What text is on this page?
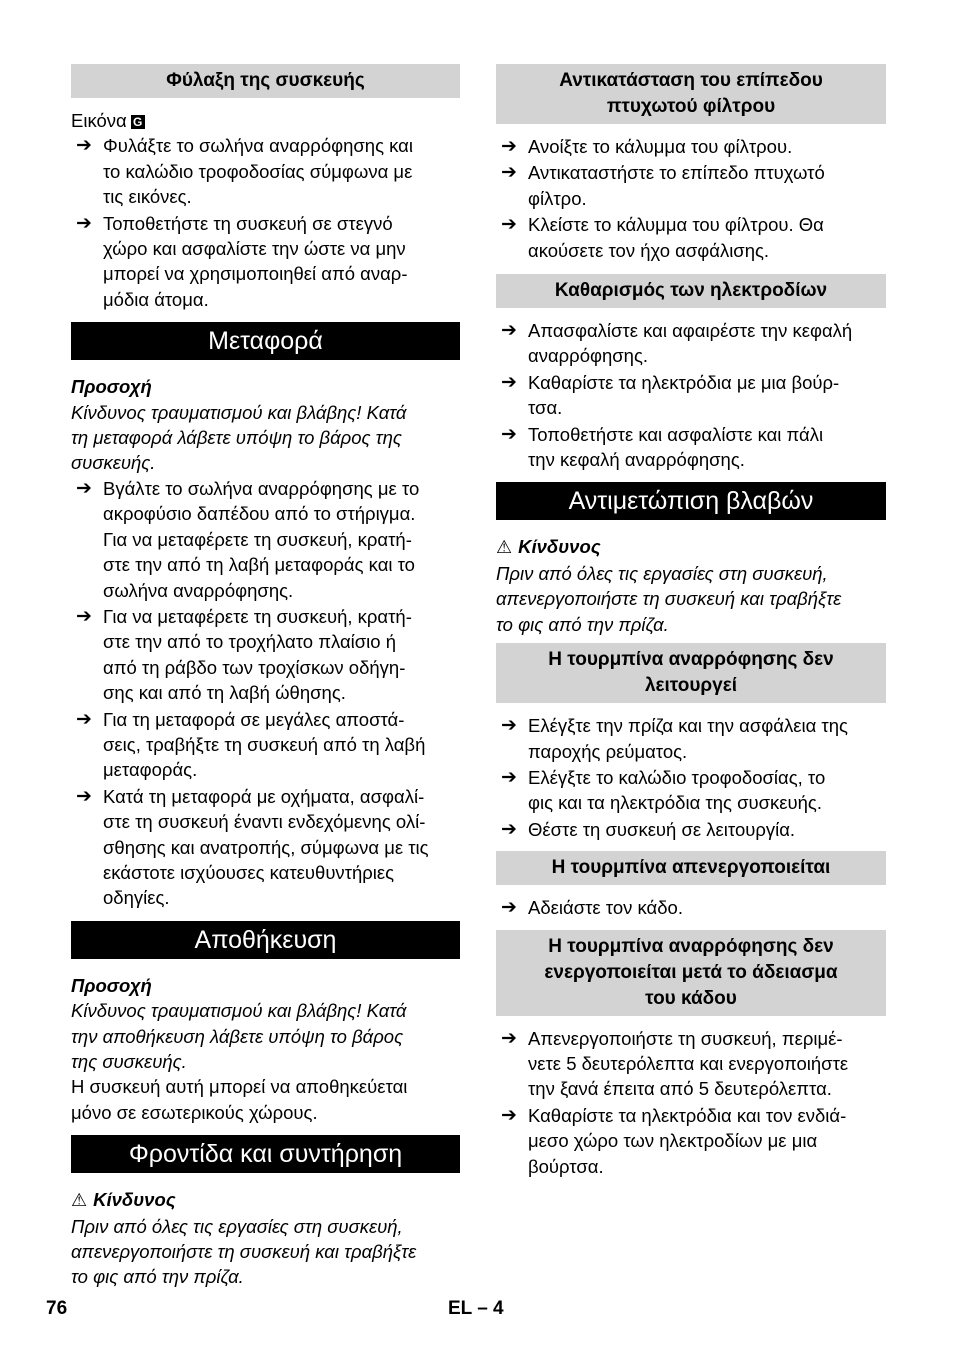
Φύλαξη της συσκευής
Εικόνα G
➔ Φυλάξτε το σωλήνα αναρρόφησης και
το καλώδιο τροφοδοσίας σύμφωνα με
τις εικόνες.
➔ Τοποθετήστε τη συσκευή σε στεγνό
χώρο και ασφαλίστε την ώστε να μην
μπορεί να χρησιμοποιηθεί από αναρ-
μόδια άτομα.
Μεταφορά
Προσοχή
Κίνδυνος τραυματισμού και βλάβης! Κατά
τη μεταφορά λάβετε υπόψη το βάρος της
συσκευής.
➔ Βγάλτε το σωλήνα αναρρόφησης με το
ακροφύσιο δαπέδου από το στήριγμα.
Για να μεταφέρετε τη συσκευή, κρατή-
στε την από τη λαβή μεταφοράς και το
σωλήνα αναρρόφησης.
➔ Για να μεταφέρετε τη συσκευή, κρατή-
στε την από το τροχήλατο πλαίσιο ή
από τη ράβδο των τροχίσκων οδήγη-
σης και από τη λαβή ώθησης.
➔ Για τη μεταφορά σε μεγάλες αποστά-
σεις, τραβήξτε τη συσκευή από τη λαβή
μεταφοράς.
➔ Κατά τη μεταφορά με οχήματα, ασφαλί-
στε τη συσκευή έναντι ενδεχόμενης ολί-
σθησης και ανατροπής, σύμφωνα με τις
εκάστοτε ισχύουσες κατευθυντήριες
οδηγίες.
Αποθήκευση
Προσοχή
Κίνδυνος τραυματισμού και βλάβης! Κατά
την αποθήκευση λάβετε υπόψη το βάρος
της συσκευής.
Η συσκευή αυτή μπορεί να αποθηκεύεται
μόνο σε εσωτερικούς χώρους.
Φροντίδα και συντήρηση
⚠ Κίνδυνος
Πριν από όλες τις εργασίες στη συσκευή,
απενεργοποιήστε τη συσκευή και τραβήξτε
το φις από την πρίζα.
Αντικατάσταση του επίπεδου
πτυχωτού φίλτρου
➔ Ανοίξτε το κάλυμμα του φίλτρου.
➔ Αντικαταστήστε το επίπεδο πτυχωτό
φίλτρο.
➔ Κλείστε το κάλυμμα του φίλτρου. Θα
ακούσετε τον ήχο ασφάλισης.
Καθαρισμός των ηλεκτροδίων
➔ Απασφαλίστε και αφαιρέστε την κεφαλή
αναρρόφησης.
➔ Καθαρίστε τα ηλεκτρόδια με μια βούρ-
τσα.
➔ Τοποθετήστε και ασφαλίστε και πάλι
την κεφαλή αναρρόφησης.
Αντιμετώπιση βλαβών
⚠ Κίνδυνος
Πριν από όλες τις εργασίες στη συσκευή,
απενεργοποιήστε τη συσκευή και τραβήξτε
το φις από την πρίζα.
Η τουρμπίνα αναρρόφησης δεν
λειτουργεί
➔ Ελέγξτε την πρίζα και την ασφάλεια της
παροχής ρεύματος.
➔ Ελέγξτε το καλώδιο τροφοδοσίας, το
φις και τα ηλεκτρόδια της συσκευής.
➔ Θέστε τη συσκευή σε λειτουργία.
Η τουρμπίνα απενεργοποιείται
➔ Αδειάστε τον κάδο.
Η τουρμπίνα αναρρόφησης δεν
ενεργοποιείται μετά το άδειασμα
του κάδου
➔ Απενεργοποιήστε τη συσκευή, περιμέ-
νετε 5 δευτερόλεπτα και ενεργοποιήστε
την ξανά έπειτα από 5 δευτερόλεπτα.
➔ Καθαρίστε τα ηλεκτρόδια και τον ενδιά-
μεσο χώρο των ηλεκτροδίων με μια
βούρτσα.
76	EL – 4
